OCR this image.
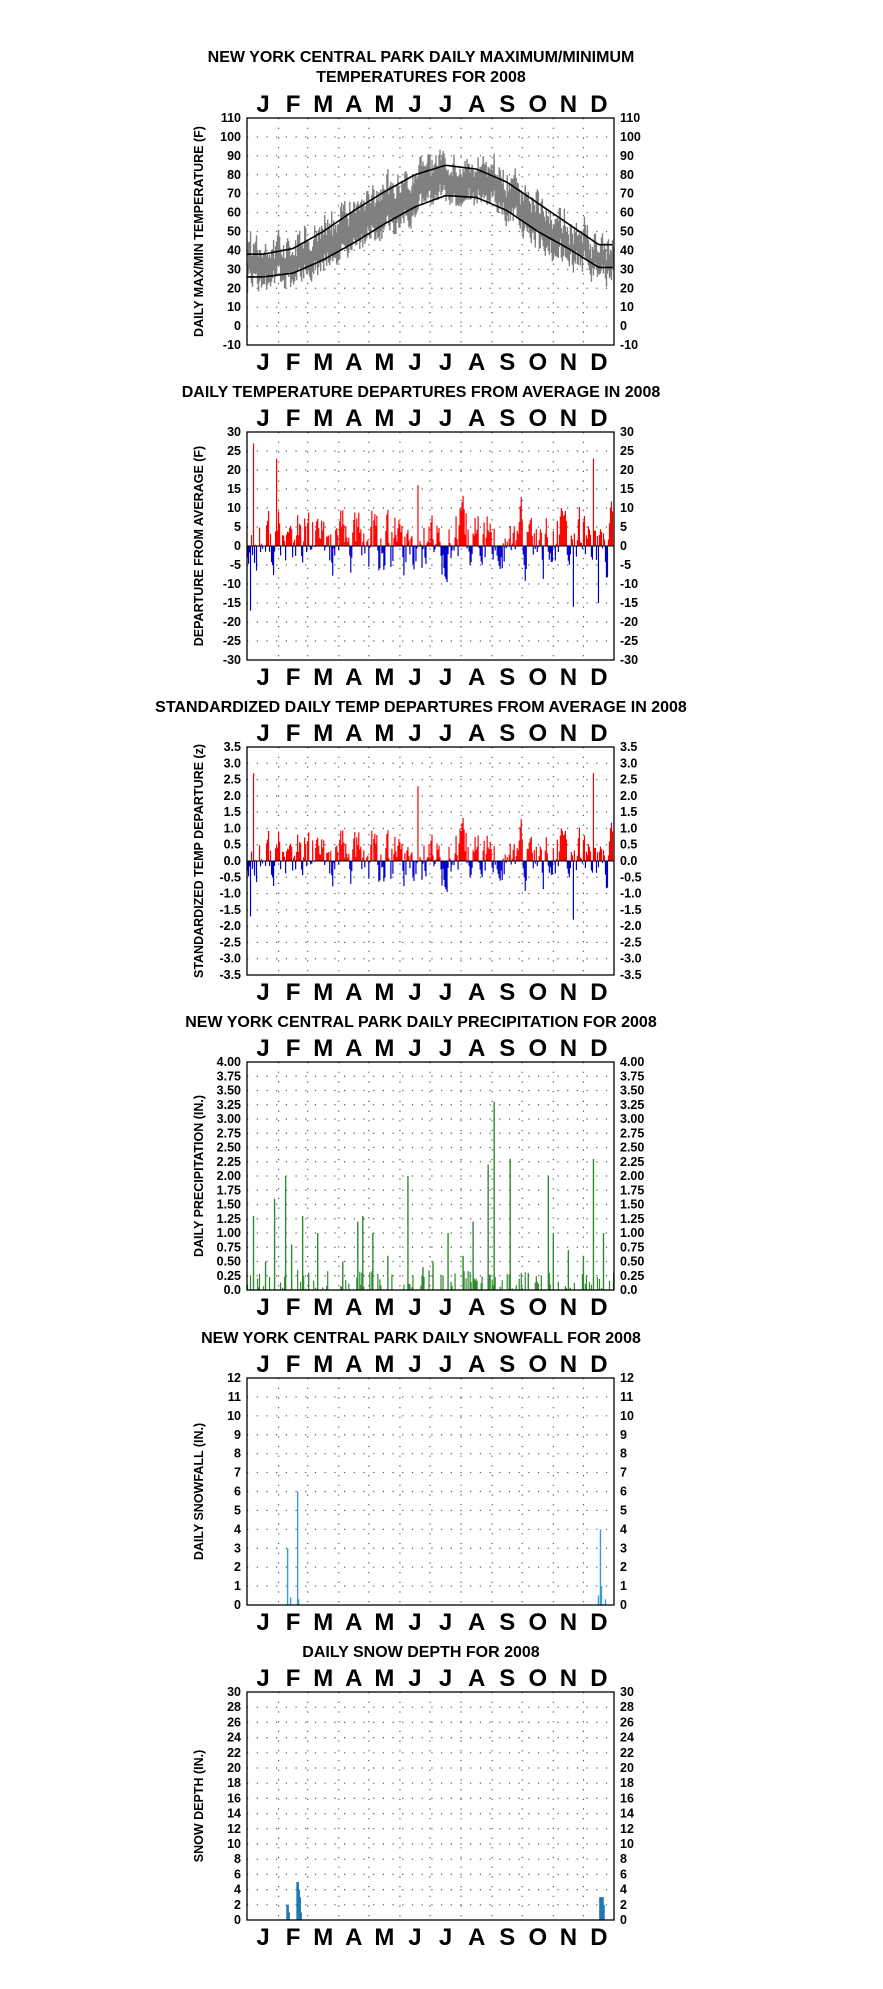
NEW YORK CENTRAL PARK DAILY MAXIMUM/MINIMUM
TEMPERATURES FOR 2008
J
J
F
F
M
M
A
A
M
M
J
J
J
J
A
A
S
S
O
O
N
N
D
D
DAILY MAX/MIN TEMPERATURE (F)
110	110
100	100
90	90
80	80
70	70
60	60
50	50
40	40
30	30
20	20
10	10
0	0
-10	-10
DAILY TEMPERATURE DEPARTURES FROM AVERAGE IN 2008
J
J
F
F
M
M
A
A
M
M
J
J
J
J
A
A
S
S
O
O
N
N
D
D
DEPARTURE FROM AVERAGE (F)
30	30
25	25
20	20
15	15
10	10
5	5
0	0
-5	-5
-10	-10
-15	-15
-20	-20
-25	-25
-30	-30
STANDARDIZED DAILY TEMP DEPARTURES FROM AVERAGE IN 2008
J
J
F
F
M
M
A
A
M
M
J
J
J
J
A
A
S
S
O
O
N
N
D
D
STANDARDIZED TEMP DEPARTURE (z) 3.5	3.5
3.0	3.0
2.5	2.5
2.0	2.0
1.5	1.5
1.0	1.0
0.5	0.5
0.0	0.0
-0.5	-0.5
-1.0	-1.0
-1.5	-1.5
-2.0	-2.0
-2.5	-2.5
-3.0	-3.0
-3.5	-3.5
NEW YORK CENTRAL PARK DAILY PRECIPITATION FOR 2008
J
J
F
F
M
M
A
A
M
M
J
J
J
J
A
A
S
S
O
O
N
N
D
D
DAILY PRECIPITATION (IN.)
4.00	4.00
3.75	3.75
3.50	3.50
3.25	3.25
3.00	3.00
2.75	2.75
2.50	2.50
2.25	2.25
2.00	2.00
1.75	1.75
1.50	1.50
1.25	1.25
1.00	1.00
0.75	0.75
0.50	0.50
0.25	0.25
0.0	0.0
NEW YORK CENTRAL PARK DAILY SNOWFALL FOR 2008
J
J
F
F
M
M
A
A
M
M
J
J
J
J
A
A
S
S
O
O
N
N
D
D
DAILY SNOWFALL (IN.)
12	12
11	11
10	10
9	9
8	8
7	7
6	6
5	5
4	4
3	3
2	2
1	1
0	0
DAILY SNOW DEPTH FOR 2008
J
J
F
F
M
M
A
A
M
M
J
J
J
J
A
A
S
S
O
O
N
N
D
D
SNOW DEPTH (IN.)
30	30
28	28
26	26
24	24
22	22
20	20
18	18
16	16
14	14
12	12
10	10
8	8
6	6
4	4
2	2
0	0
